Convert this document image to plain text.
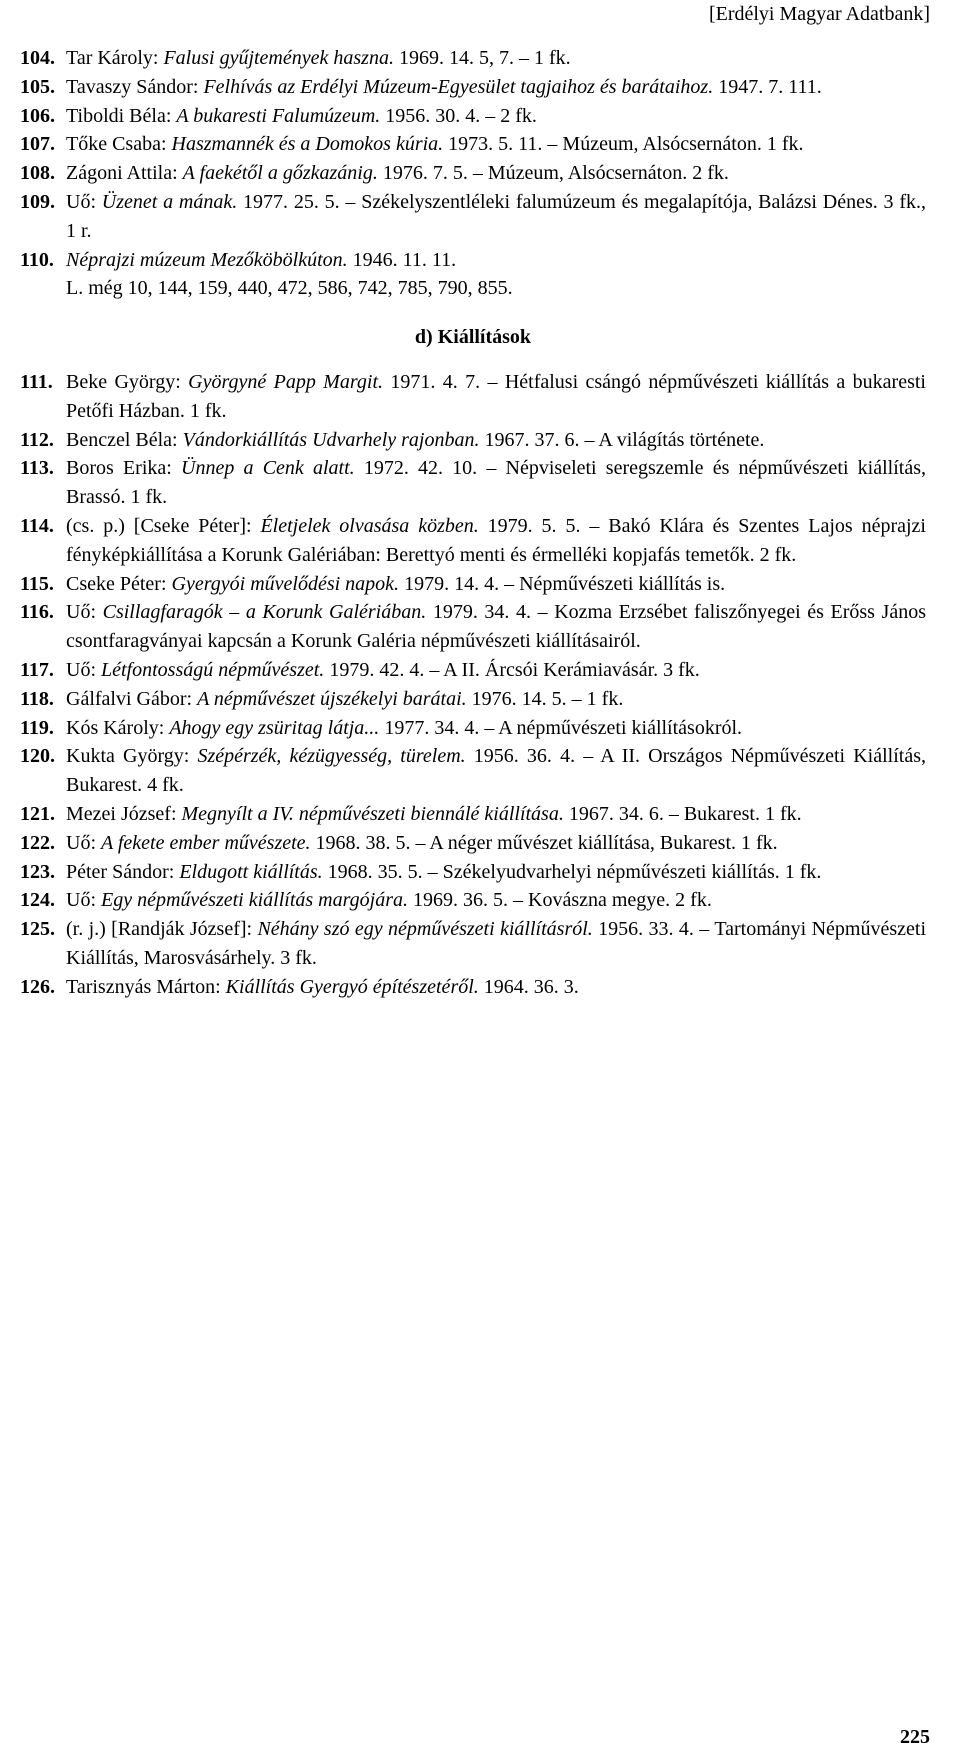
[Erdélyi Magyar Adatbank]
104. Tar Károly: Falusi gyűjtemények haszna. 1969. 14. 5, 7. – 1 fk.
105. Tavaszy Sándor: Felhívás az Erdélyi Múzeum-Egyesület tagjaihoz és barátaihoz. 1947. 7. 111.
106. Tiboldi Béla: A bukaresti Falumúzeum. 1956. 30. 4. – 2 fk.
107. Tőke Csaba: Haszmannék és a Domokos kúria. 1973. 5. 11. – Múzeum, Alsócsernáton. 1 fk.
108. Zágoni Attila: A faekétől a gőzkazánig. 1976. 7. 5. – Múzeum, Alsócsernáton. 2 fk.
109. Uő: Üzenet a mának. 1977. 25. 5. – Székelyszentléleki falumúzeum és megalapítója, Balázsi Dénes. 3 fk., 1 r.
110. Néprajzi múzeum Mezőköbölkúton. 1946. 11. 11.
L. még 10, 144, 159, 440, 472, 586, 742, 785, 790, 855.
d) Kiállítások
111. Beke György: Györgyné Papp Margit. 1971. 4. 7. – Hétfalusi csángó népművészeti kiállítás a bukaresti Petőfi Házban. 1 fk.
112. Benczel Béla: Vándorkiállítás Udvarhely rajonban. 1967. 37. 6. – A világítás története.
113. Boros Erika: Ünnep a Cenk alatt. 1972. 42. 10. – Népviseleti seregszemle és népművészeti kiállítás, Brassó. 1 fk.
114. (cs. p.) [Cseke Péter]: Életjelek olvasása közben. 1979. 5. 5. – Bakó Klára és Szentes Lajos néprajzi fényképkiállítása a Korunk Galériában: Berettyó menti és érmelléki kopjafás temetők. 2 fk.
115. Cseke Péter: Gyergyói művelődési napok. 1979. 14. 4. – Népművészeti kiállítás is.
116. Uő: Csillagfaragók – a Korunk Galériában. 1979. 34. 4. – Kozma Erzsébet faliszőnyegei és Erőss János csontfaragványai kapcsán a Korunk Galéria népművészeti kiállításairól.
117. Uő: Létfontosságú népművészet. 1979. 42. 4. – A II. Árcsói Kerámiavásár. 3 fk.
118. Gálfalvi Gábor: A népművészet újszékelyi barátai. 1976. 14. 5. – 1 fk.
119. Kós Károly: Ahogy egy zsüritag látja... 1977. 34. 4. – A népművészeti kiállításokról.
120. Kukta György: Szépérzék, kézügyesség, türelem. 1956. 36. 4. – A II. Országos Népművészeti Kiállítás, Bukarest. 4 fk.
121. Mezei József: Megnyílt a IV. népművészeti biennálé kiállítása. 1967. 34. 6. – Bukarest. 1 fk.
122. Uő: A fekete ember művészete. 1968. 38. 5. – A néger művészet kiállítása, Bukarest. 1 fk.
123. Péter Sándor: Eldugott kiállítás. 1968. 35. 5. – Székelyudvarhelyi népművészeti kiállítás. 1 fk.
124. Uő: Egy népművészeti kiállítás margójára. 1969. 36. 5. – Kovászna megye. 2 fk.
125. (r. j.) [Randják József]: Néhány szó egy népművészeti kiállításról. 1956. 33. 4. – Tartományi Népművészeti Kiállítás, Marosvásárhely. 3 fk.
126. Tarisznyás Márton: Kiállítás Gyergyó építészetéről. 1964. 36. 3.
225
